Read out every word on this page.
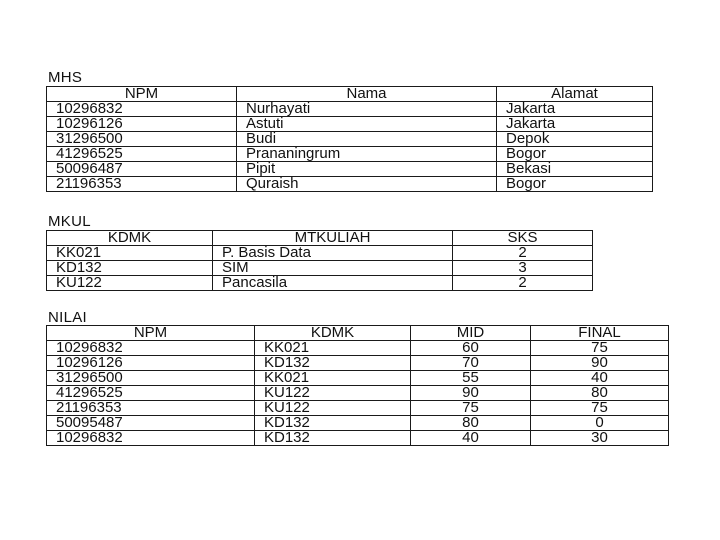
MHS
NPM	Nama	Alamat
10296832	Nurhayati	Jakarta
10296126	Astuti	Jakarta
31296500	Budi	Depok
41296525	Prananingrum	Bogor
50096487	Pipit	Bekasi
21196353	Quraish	Bogor
MKUL
KDMK	MTKULIAH	SKS
KK021	P. Basis Data	2
KD132	SIM	3
KU122	Pancasila	2
NILAI
NPM	KDMK	MID	FINAL
10296832	KK021	60	75
10296126	KD132	70	90
31296500	KK021	55	40
41296525	KU122	90	80
21196353	KU122	75	75
50095487	KD132	80	0
10296832	KD132	40	30
